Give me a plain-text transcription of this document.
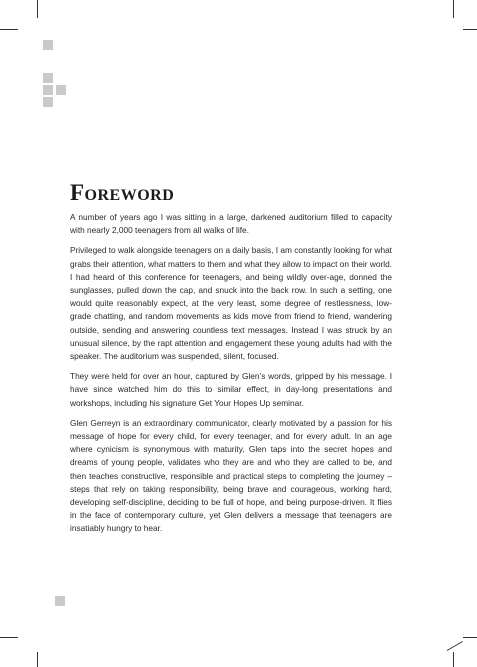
Foreword

A number of years ago I was sitting in a large, darkened auditorium filled to capacity with nearly 2,000 teenagers from all walks of life.

Privileged to walk alongside teenagers on a daily basis, I am constantly looking for what grabs their attention, what matters to them and what they allow to impact on their world. I had heard of this conference for teenagers, and being wildly over-age, donned the sunglasses, pulled down the cap, and snuck into the back row. In such a setting, one would quite reasonably expect, at the very least, some degree of restlessness, low-grade chatting, and random movements as kids move from friend to friend, wandering outside, sending and answering countless text messages. Instead I was struck by an unusual silence, by the rapt attention and engagement these young adults had with the speaker. The auditorium was suspended, silent, focused.

They were held for over an hour, captured by Glen’s words, gripped by his message. I have since watched him do this to similar effect, in day-long presentations and workshops, including his signature Get Your Hopes Up seminar.

Glen Gerreyn is an extraordinary communicator, clearly motivated by a passion for his message of hope for every child, for every teenager, and for every adult. In an age where cynicism is synonymous with maturity, Glen taps into the secret hopes and dreams of young people, validates who they are and who they are called to be, and then teaches constructive, responsible and practical steps to completing the journey – steps that rely on taking responsibility, being brave and courageous, working hard, developing self-discipline, deciding to be full of hope, and being purpose-driven. It flies in the face of contemporary culture, yet Glen delivers a message that teenagers are insatiably hungry to hear.
